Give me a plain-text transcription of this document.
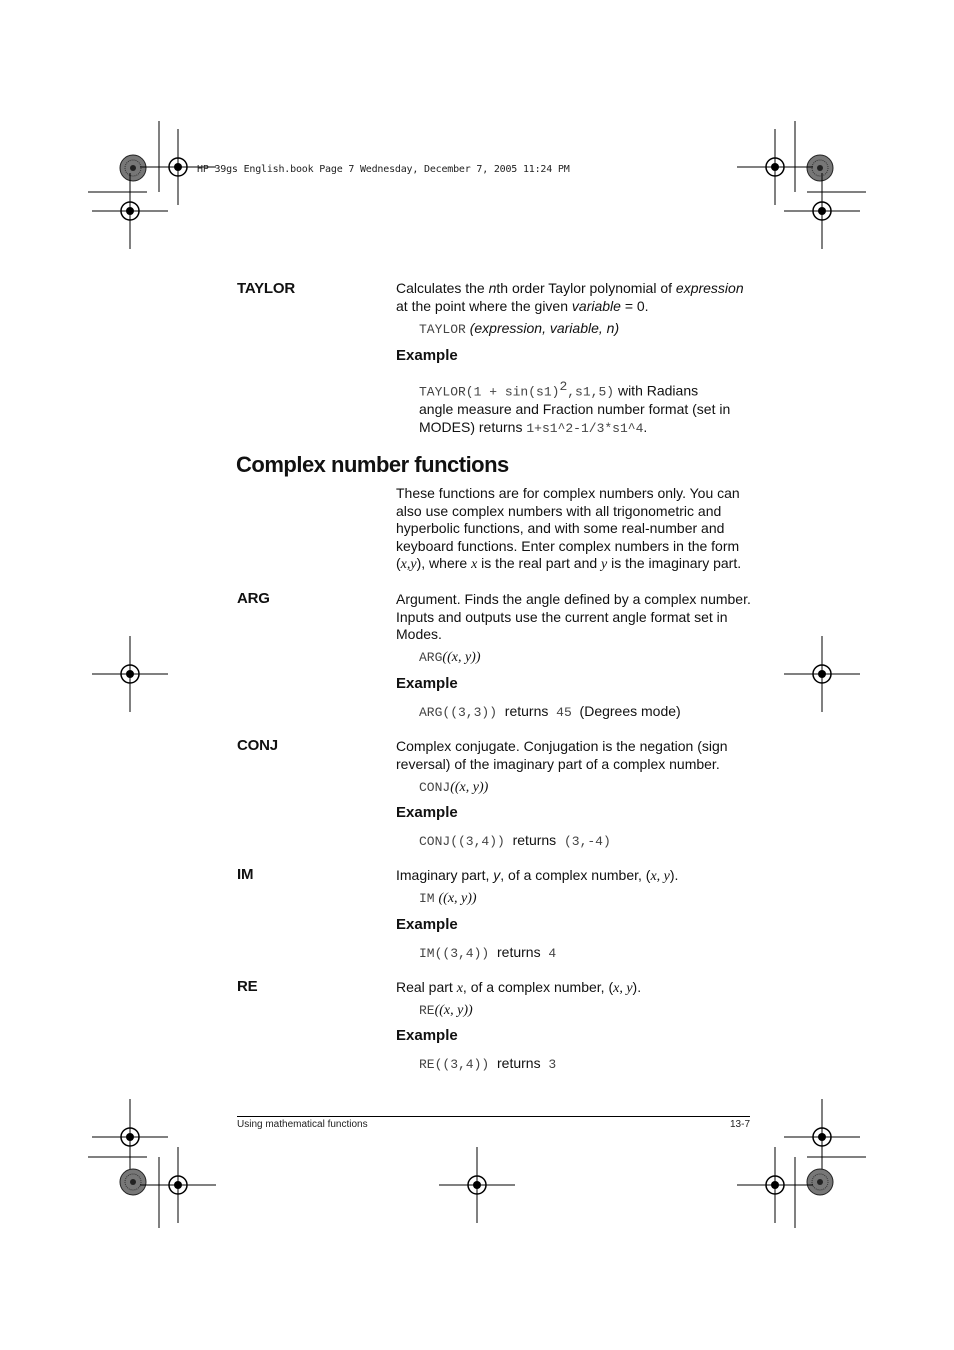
HP 39gs English.book Page 7 Wednesday, December 7, 2005 11:24 PM
TAYLOR	Calculates the nth order Taylor polynomial of expression
at the point where the given variable = 0.
TAYLOR (expression, variable, n)
Example
TAYLOR(1 + $\sin(s1)^2,s1,5$) with Radians
angle measure and Fraction number format (set in
MODES) returns 1+s1^2-1/3*s1^4.
Complex number functions
These functions are for complex numbers only. You can
also use complex numbers with all trigonometric and
hyperbolic functions, and with some real-number and
keyboard functions. Enter complex numbers in the form
(x,y), where x is the real part and y is the imaginary part.
ARG	Argument. Finds the angle defined by a complex number.
Inputs and outputs use the current angle format set in
Modes.
ARG((x, y))
Example
ARG((3,3)) returns 45 (Degrees mode)
CONJ	Complex conjugate. Conjugation is the negation (sign
reversal) of the imaginary part of a complex number.
CONJ((x, y))
Example
CONJ((3,4)) returns (3,-4)
IM	Imaginary part, y, of a complex number, (x, y).
IM ((x, y))
Example
IM((3,4)) returns 4
RE	Real part x, of a complex number, (x, y).
RE((x, y))
Example
RE((3,4)) returns 3
Using mathematical functions	13-7
